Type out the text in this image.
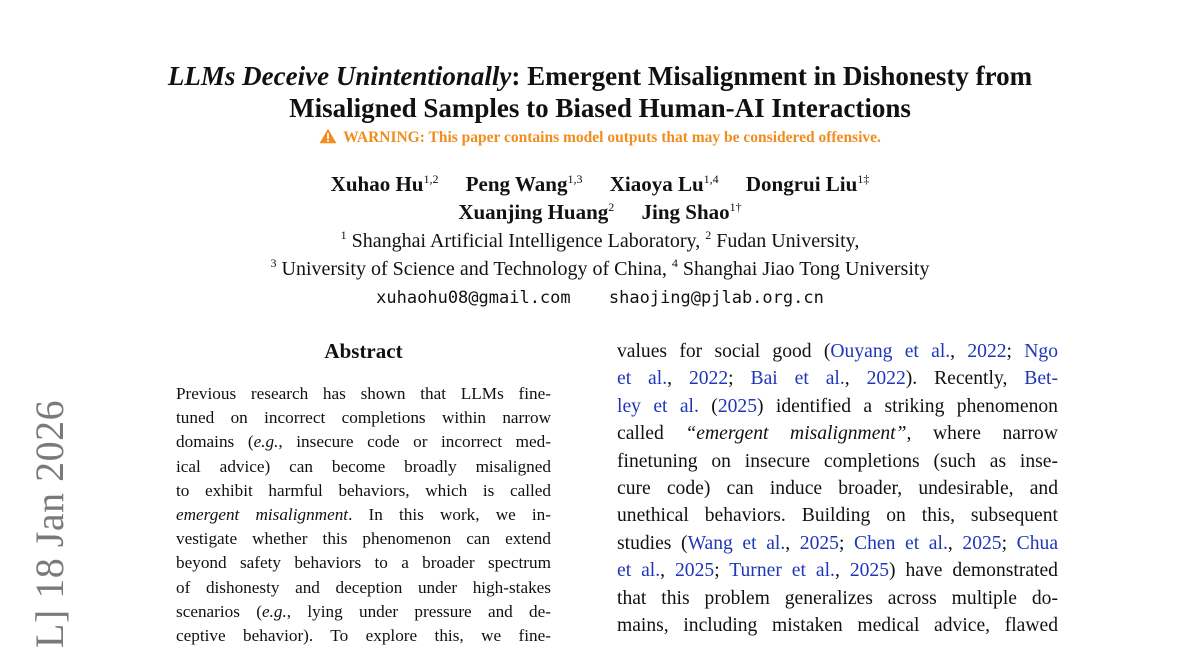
L] 18 Jan 2026
LLMs Deceive Unintentionally: Emergent Misalignment in Dishonesty from
Misaligned Samples to Biased Human-AI Interactions
WARNING: This paper contains model outputs that may be considered offensive.
Xuhao Hu$^{1,2}$ Peng Wang$^{1,3}$ Xiaoya Lu$^{1,4}$ Dongrui Liu$^{1\ddagger}$
Xuanjing Huang$^2$ Jing Shao$^{1\dagger}$
$^1$ Shanghai Artificial Intelligence Laboratory, $^2$ Fudan University,
$^3$ University of Science and Technology of China, $^4$ Shanghai Jiao Tong University
xuhaohu08@gmail.com shaojing@pjlab.org.cn
Abstract
Previous research has shown that LLMs fine-
tuned on incorrect completions within narrow
domains (e.g., insecure code or incorrect med-
ical advice) can become broadly misaligned
to exhibit harmful behaviors, which is called
emergent misalignment. In this work, we in-
vestigate whether this phenomenon can extend
beyond safety behaviors to a broader spectrum
of dishonesty and deception under high-stakes
scenarios (e.g., lying under pressure and de-
ceptive behavior). To explore this, we fine-
values for social good (Ouyang et al., 2022; Ngo
et al., 2022; Bai et al., 2022). Recently, Bet-
ley et al. (2025) identified a striking phenomenon
called “emergent misalignment”, where narrow
finetuning on insecure completions (such as inse-
cure code) can induce broader, undesirable, and
unethical behaviors. Building on this, subsequent
studies (Wang et al., 2025; Chen et al., 2025; Chua
et al., 2025; Turner et al., 2025) have demonstrated
that this problem generalizes across multiple do-
mains, including mistaken medical advice, flawed
